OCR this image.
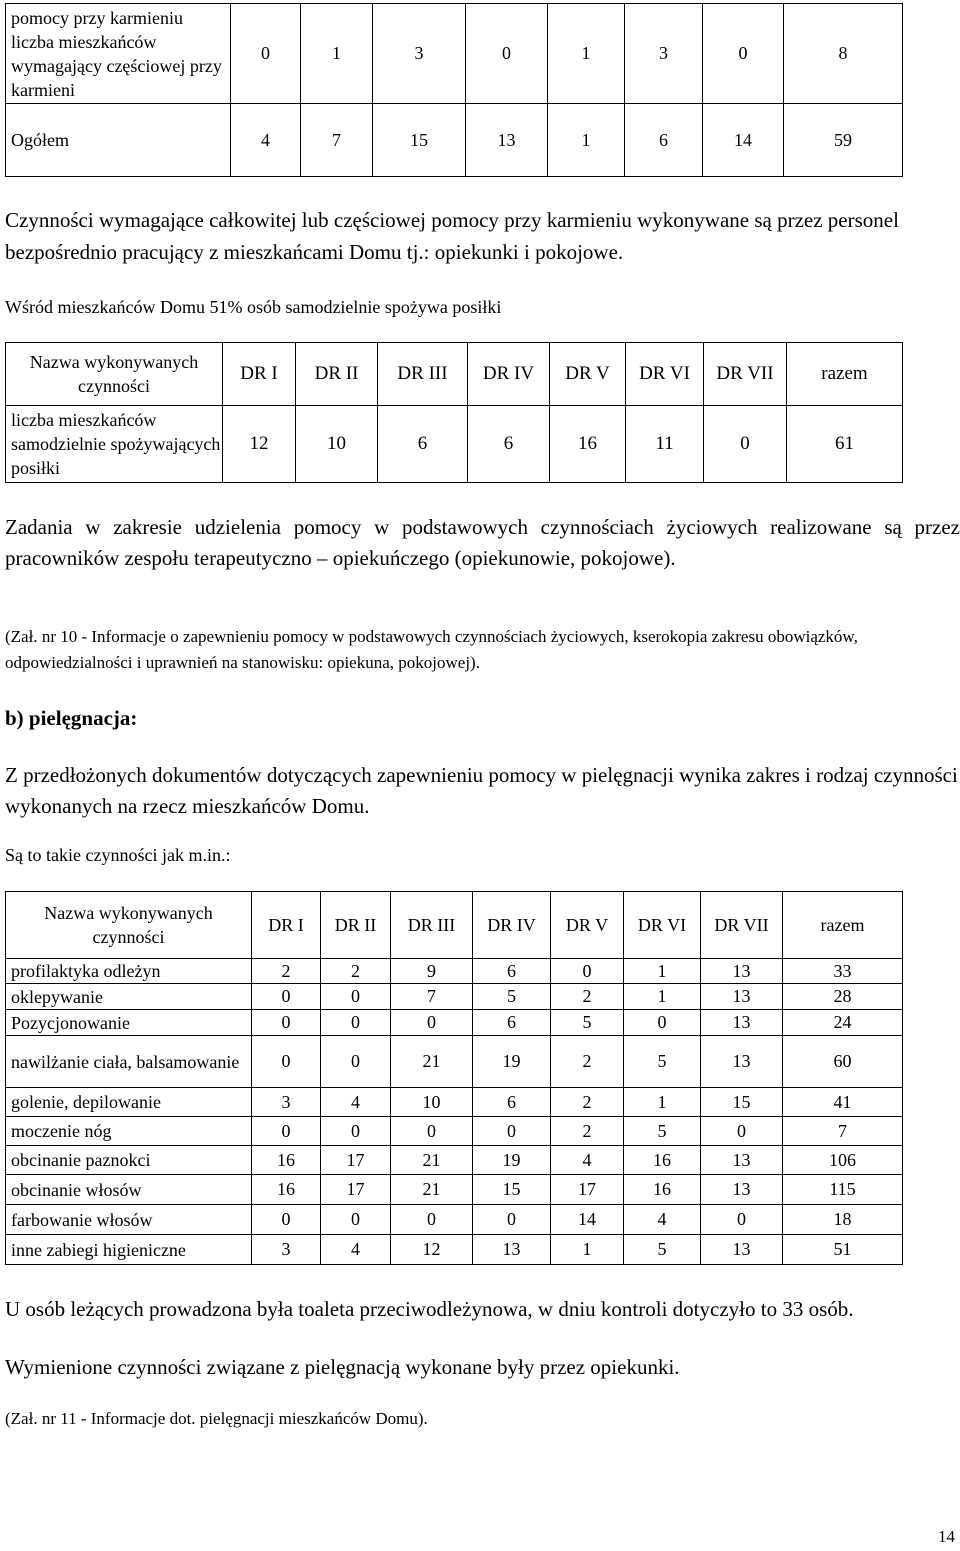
pomocy przy karmieniu liczba mieszkańców wymagający częściowej przy karmieni	0	1	3	0	1	3	0	8
Ogółem	4	7	15	13	1	6	14	59

Czynności wymagające całkowitej lub częściowej pomocy przy karmieniu wykonywane są przez personel bezpośrednio pracujący z mieszkańcami Domu tj.: opiekunki i pokojowe.

Wśród mieszkańców Domu 51% osób samodzielnie spożywa posiłki

Nazwa wykonywanych czynności	DR I	DR II	DR III	DR IV	DR V	DR VI	DR VII	razem
liczba mieszkańców samodzielnie spożywających posiłki	12	10	6	6	16	11	0	61

Zadania w zakresie udzielenia pomocy w podstawowych czynnościach życiowych realizowane są przez pracowników zespołu terapeutyczno – opiekuńczego (opiekunowie, pokojowe).

(Zał. nr 10 - Informacje o zapewnieniu pomocy w podstawowych czynnościach życiowych, kserokopia zakresu obowiązków, odpowiedzialności i uprawnień na stanowisku: opiekuna, pokojowej).

b) pielęgnacja:

Z przedłożonych dokumentów dotyczących zapewnieniu pomocy w pielęgnacji wynika zakres i rodzaj czynności wykonanych na rzecz mieszkańców Domu.

Są to takie czynności jak m.in.:

Nazwa wykonywanych czynności	DR I	DR II	DR III	DR IV	DR V	DR VI	DR VII	razem
profilaktyka odleżyn	2	2	9	6	0	1	13	33
oklepywanie	0	0	7	5	2	1	13	28
Pozycjonowanie	0	0	0	6	5	0	13	24
nawilżanie ciała, balsamowanie	0	0	21	19	2	5	13	60
golenie, depilowanie	3	4	10	6	2	1	15	41
moczenie nóg	0	0	0	0	2	5	0	7
obcinanie paznokci	16	17	21	19	4	16	13	106
obcinanie włosów	16	17	21	15	17	16	13	115
farbowanie włosów	0	0	0	0	14	4	0	18
inne zabiegi higieniczne	3	4	12	13	1	5	13	51

U osób leżących prowadzona była toaleta przeciwodleżynowa, w dniu kontroli dotyczyło to 33 osób.

Wymienione czynności związane z pielęgnacją wykonane były przez opiekunki.

(Zał. nr 11 - Informacje dot. pielęgnacji mieszkańców Domu).

14
